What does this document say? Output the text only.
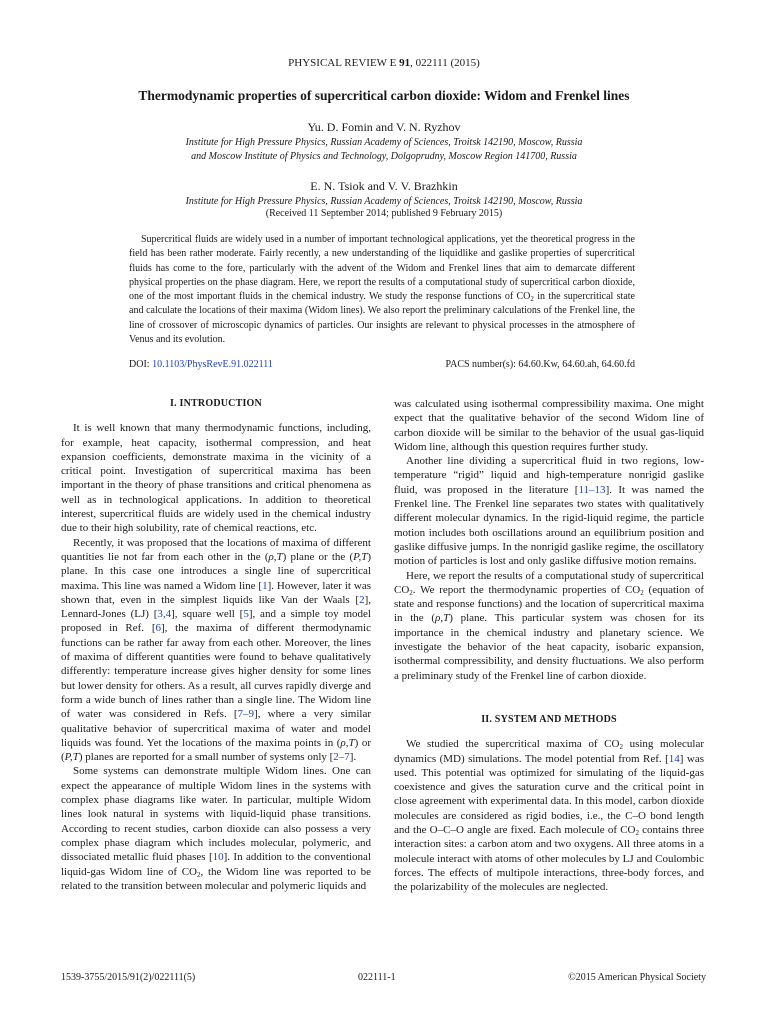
PHYSICAL REVIEW E 91, 022111 (2015)
Thermodynamic properties of supercritical carbon dioxide: Widom and Frenkel lines
Yu. D. Fomin and V. N. Ryzhov
Institute for High Pressure Physics, Russian Academy of Sciences, Troitsk 142190, Moscow, Russia
and Moscow Institute of Physics and Technology, Dolgoprudny, Moscow Region 141700, Russia
E. N. Tsiok and V. V. Brazhkin
Institute for High Pressure Physics, Russian Academy of Sciences, Troitsk 142190, Moscow, Russia
(Received 11 September 2014; published 9 February 2015)
Supercritical fluids are widely used in a number of important technological applications, yet the theoretical progress in the field has been rather moderate. Fairly recently, a new understanding of the liquidlike and gaslike properties of supercritical fluids has come to the fore, particularly with the advent of the Widom and Frenkel lines that aim to demarcate different physical properties on the phase diagram. Here, we report the results of a computational study of supercritical carbon dioxide, one of the most important fluids in the chemical industry. We study the response functions of $CO_2$ in the supercritical state and calculate the locations of their maxima (Widom lines). We also report the preliminary calculations of the Frenkel line, the line of crossover of microscopic dynamics of particles. Our insights are relevant to physical processes in the atmosphere of Venus and its evolution.
DOI: 10.1103/PhysRevE.91.022111	PACS number(s): 64.60.Kw, 64.60.ah, 64.60.fd
I. INTRODUCTION

It is well known that many thermodynamic functions, including, for example, heat capacity, isothermal compression, and heat expansion coefficients, demonstrate maxima in the vicinity of a critical point. Investigation of supercritical maxima has been important in the theory of phase transitions and critical phenomena as well as in technological applications. In addition to theoretical interest, supercritical fluids are widely used in the chemical industry due to their high solubility, rate of chemical reactions, etc.

Recently, it was proposed that the locations of maxima of different quantities lie not far from each other in the (ρ,T) plane or the (P,T) plane. In this case one introduces a single line of supercritical maxima. This line was named a Widom line [1]. However, later it was shown that, even in the simplest liquids like Van der Waals [2], Lennard-Jones (LJ) [3,4], square well [5], and a simple toy model proposed in Ref. [6], the maxima of different thermodynamic functions can be rather far away from each other. Moreover, the lines of maxima of different quantities were found to behave qualitatively differently: temperature increase gives higher density for some lines but lower density for others. As a result, all curves rapidly diverge and form a wide bunch of lines rather than a single line. The Widom line of water was considered in Refs. [7–9], where a very similar qualitative behavior of supercritical maxima of water and model liquids was found. Yet the locations of the maxima points in (ρ,T) or (P,T) planes are reported for a small number of systems only [2–7].

Some systems can demonstrate multiple Widom lines. One can expect the appearance of multiple Widom lines in the systems with complex phase diagrams like water. In particular, multiple Widom lines look natural in systems with liquid-liquid phase transitions. According to recent studies, carbon dioxide can also possess a very complex phase diagram which includes molecular, polymeric, and dissociated metallic fluid phases [10]. In addition to the conventional liquid-gas Widom line of $CO_2$, the Widom line was reported to be related to the transition between molecular and polymeric liquids and

was calculated using isothermal compressibility maxima. One might expect that the qualitative behavior of the second Widom line of carbon dioxide will be similar to the behavior of the usual gas-liquid Widom line, although this question requires further study.

Another line dividing a supercritical fluid in two regions, low-temperature “rigid” liquid and high-temperature nonrigid gaslike fluid, was proposed in the literature [11–13]. It was named the Frenkel line. The Frenkel line separates two states with qualitatively different molecular dynamics. In the rigid-liquid regime, the particle motion includes both oscillations around an equilibrium position and gaslike diffusive jumps. In the nonrigid gaslike regime, the oscillatory motion of particles is lost and only gaslike diffusive motion remains.

Here, we report the results of a computational study of supercritical $CO_2$. We report the thermodynamic properties of $CO_2$ (equation of state and response functions) and the location of supercritical maxima in the (ρ,T) plane. This particular system was chosen for its importance in the chemical industry and planetary science. We investigate the behavior of the heat capacity, isobaric expansion, isothermal compressibility, and density fluctuations. We also perform a preliminary study of the Frenkel line of carbon dioxide.

II. SYSTEM AND METHODS

We studied the supercritical maxima of $CO_2$ using molecular dynamics (MD) simulations. The model potential from Ref. [14] was used. This potential was optimized for simulating of the liquid-gas coexistence and gives the saturation curve and the critical point in close agreement with experimental data. In this model, carbon dioxide molecules are considered as rigid bodies, i.e., the C–O bond length and the O–C–O angle are fixed. Each molecule of $CO_2$ contains three interaction sites: a carbon atom and two oxygens. All three atoms in a molecule interact with atoms of other molecules by LJ and Coulombic forces. The effects of multipole interactions, three-body forces, and the polarizability of the molecules are neglected.

1539-3755/2015/91(2)/022111(5)	022111-1	©2015 American Physical Society
